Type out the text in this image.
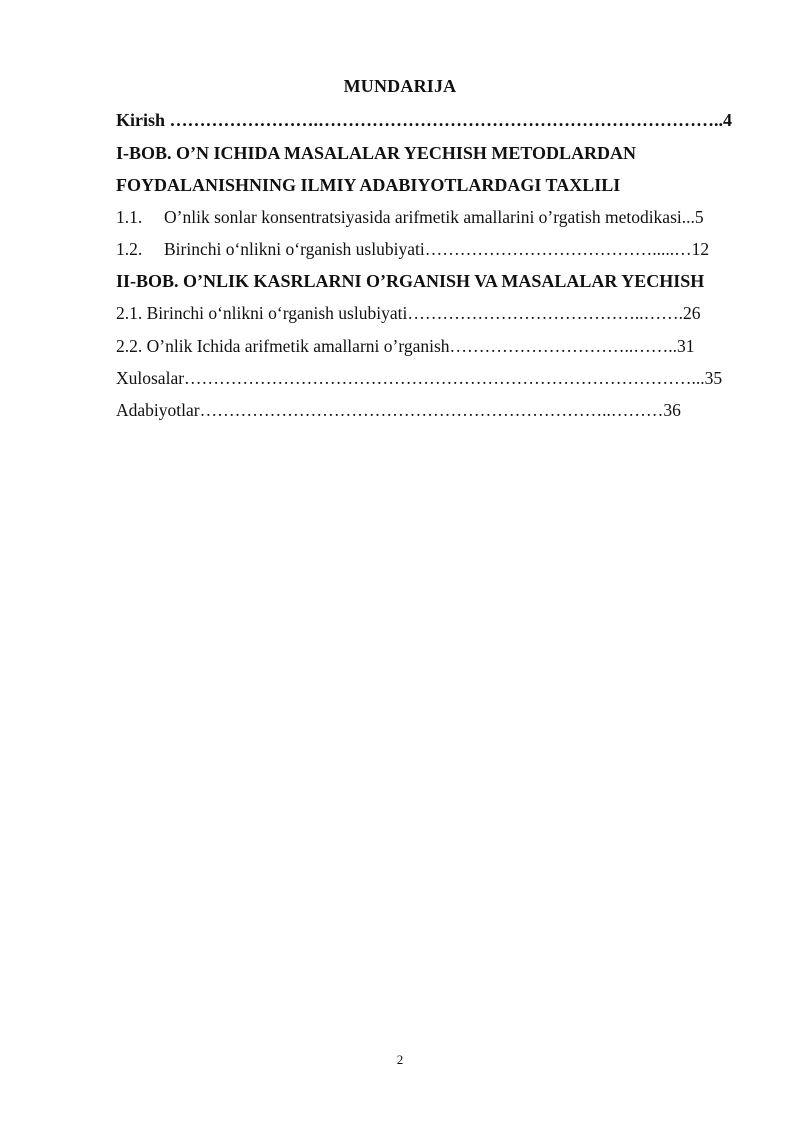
MUNDARIJA
Kirish …………………….…………………………………………………………..4
I-BOB. O’N ICHIDA MASALALAR YECHISH METODLARDAN
FOYDALANISHNING ILMIY ADABIYOTLARDAGI TAXLILI
1.1. O’nlik sonlar konsentratsiyasida arifmetik amallarini o’rgatish metodikasi...5
1.2. Birinchi oʻnlikni oʻrganish uslubiyati………………………………….....…12
II-BOB. O’NLIK KASRLARNI O’RGANISH VA MASALALAR YECHISH
2.1. Birinchi oʻnlikni oʻrganish uslubiyati…………………………………..…….26
2.2. O’nlik Ichida arifmetik amallarni o’rganish…………………………..……..31
Xulosalar……………………………………………………………………………...35
Adabiyotlar……………………………………………………………..………36
2
